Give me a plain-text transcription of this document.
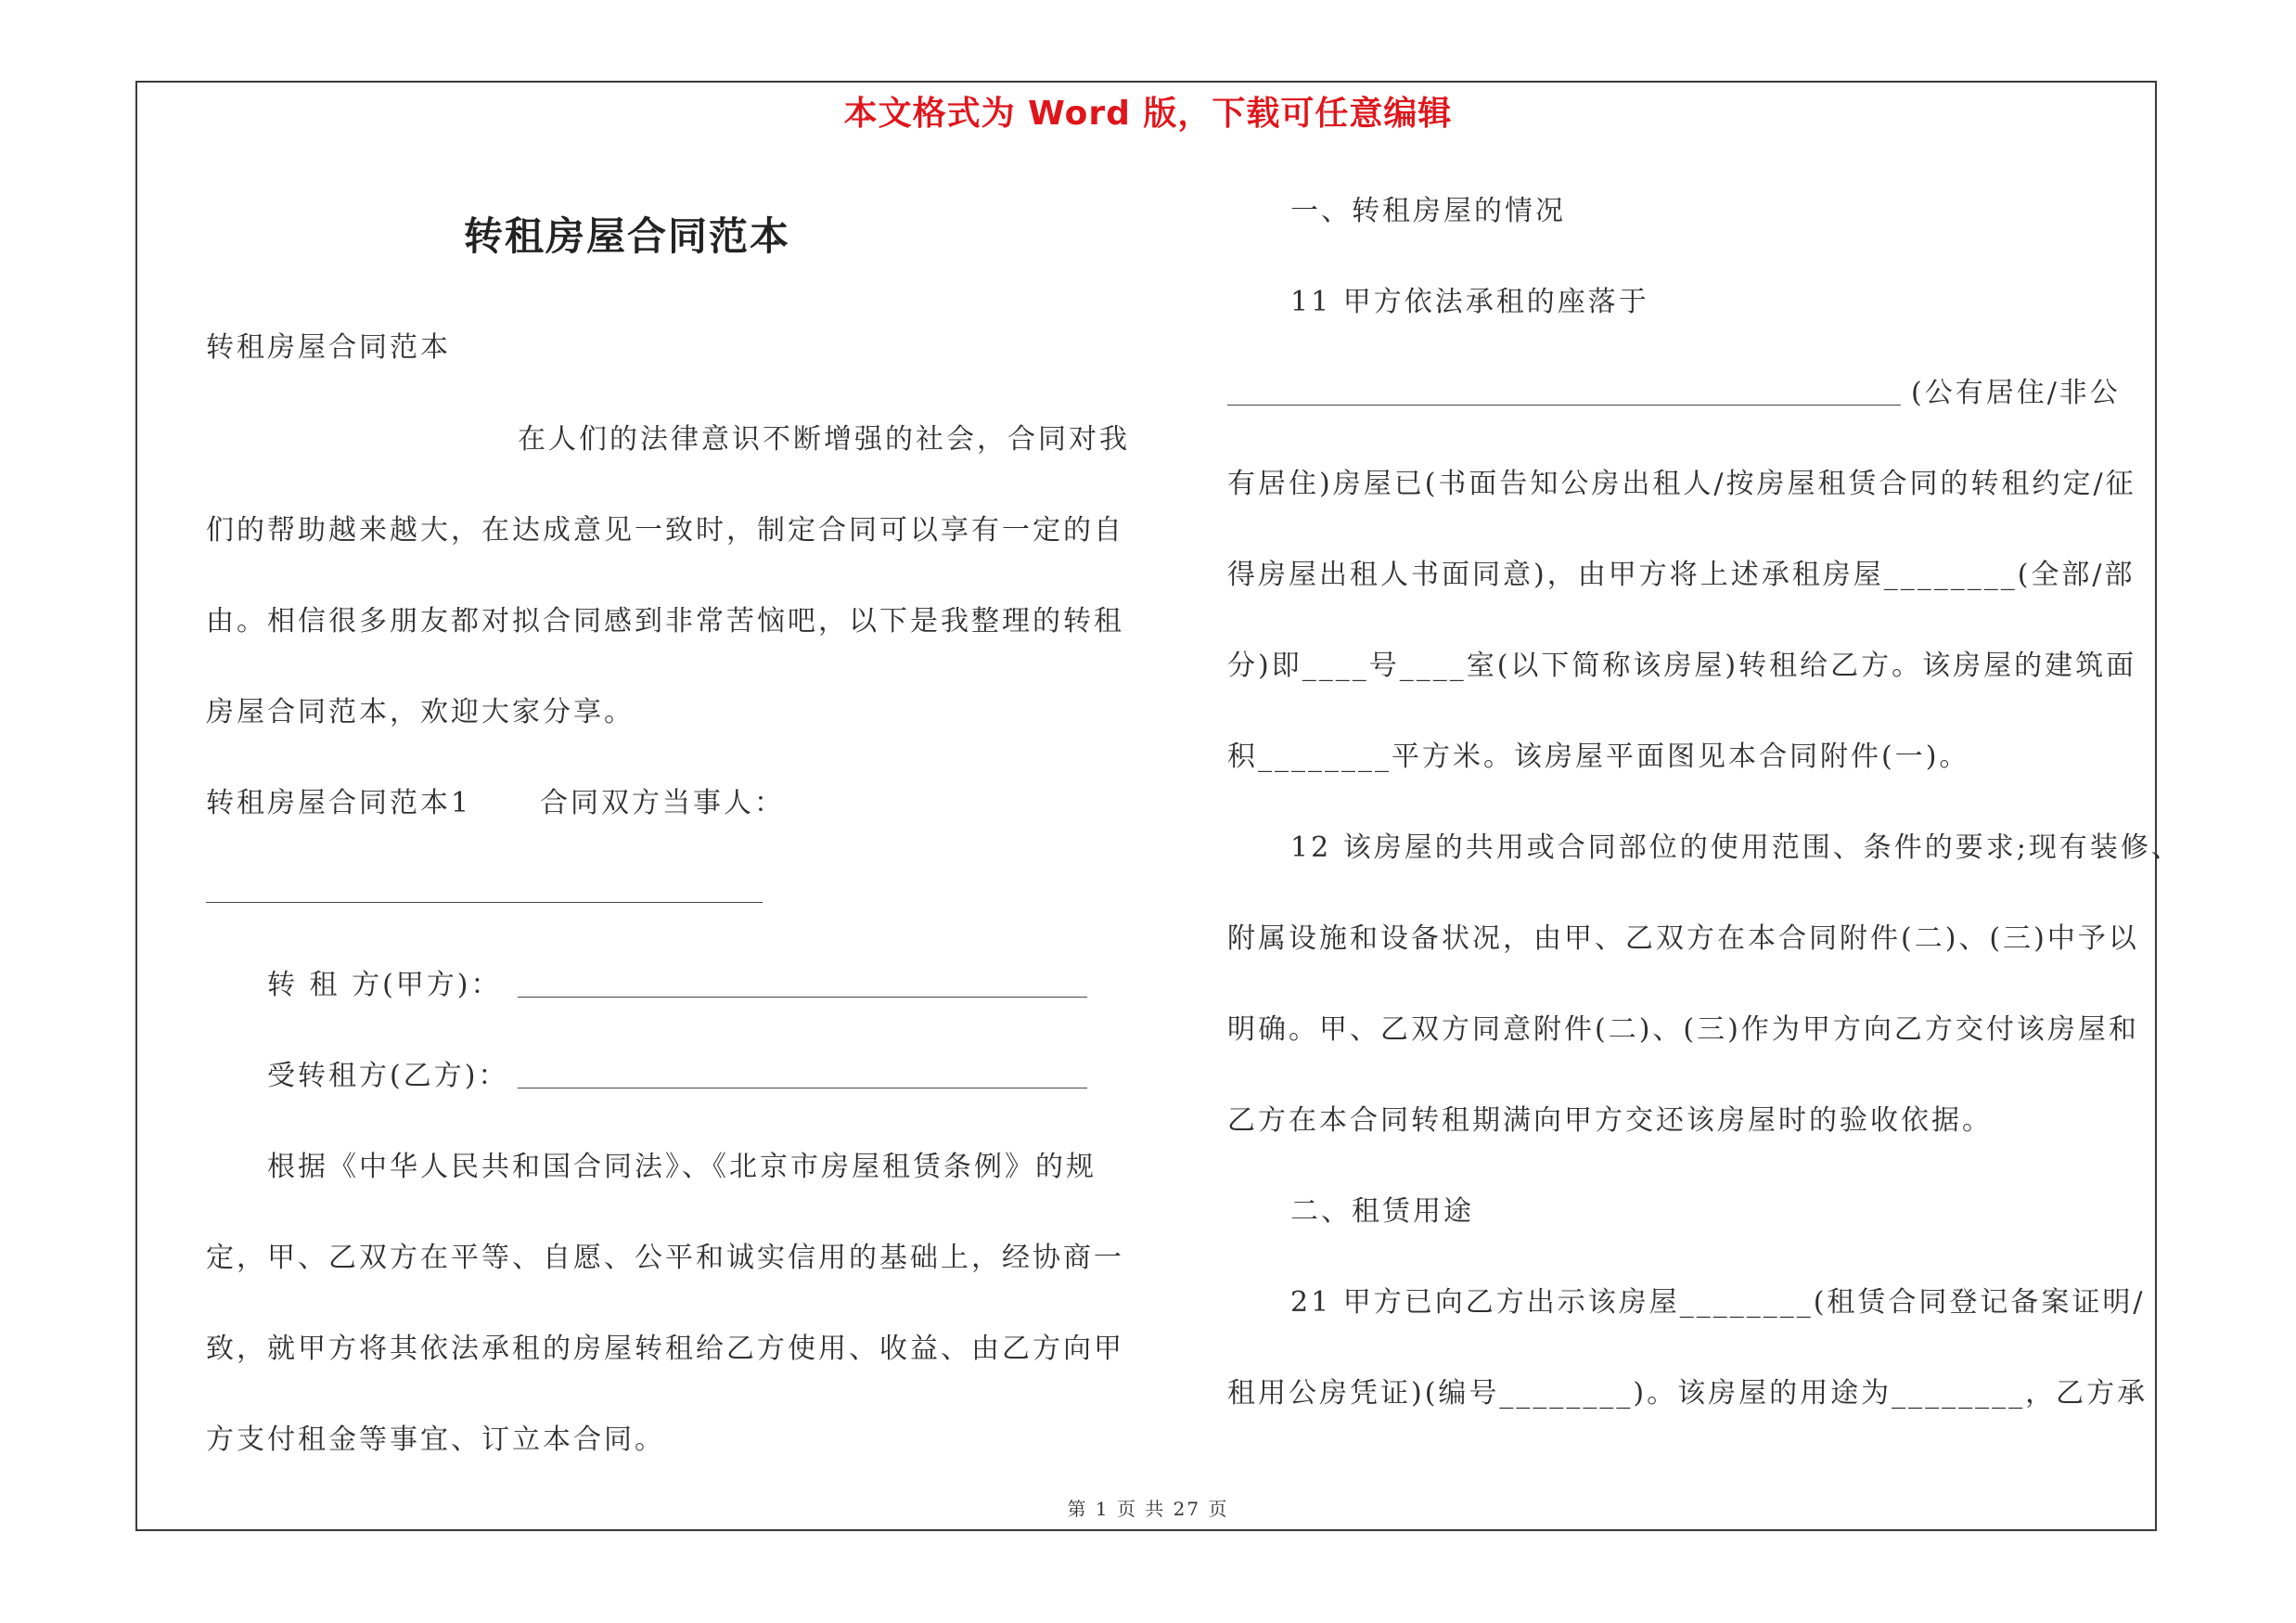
本文格式为 Word 版，下载可任意编辑
转租房屋合同范本
转租房屋合同范本
在人们的法律意识不断增强的社会，合同对我
们的帮助越来越大，在达成意见一致时，制定合同可以享有一定的自
由。相信很多朋友都对拟合同感到非常苦恼吧，以下是我整理的转租
房屋合同范本，欢迎大家分享。
转租房屋合同范本1 合同双方当事人：
转 租 方(甲方)：
受转租方(乙方)：
根据《中华人民共和国合同法》、《北京市房屋租赁条例》的规
定，甲、乙双方在平等、自愿、公平和诚实信用的基础上，经协商一
致，就甲方将其依法承租的房屋转租给乙方使用、收益、由乙方向甲
方支付租金等事宜、订立本合同。
一、转租房屋的情况
11 甲方依法承租的座落于
(公有居住/非公
有居住)房屋已(书面告知公房出租人/按房屋租赁合同的转租约定/征
得房屋出租人书面同意)，由甲方将上述承租房屋________(全部/部
分)即____号____室(以下简称该房屋)转租给乙方。该房屋的建筑面
积________平方米。该房屋平面图见本合同附件(一)。
12 该房屋的共用或合同部位的使用范围、条件的要求;现有装修、
附属设施和设备状况，由甲、乙双方在本合同附件(二)、(三)中予以
明确。甲、乙双方同意附件(二)、(三)作为甲方向乙方交付该房屋和
乙方在本合同转租期满向甲方交还该房屋时的验收依据。
二、租赁用途
21 甲方已向乙方出示该房屋________(租赁合同登记备案证明/
租用公房凭证)(编号________)。该房屋的用途为________，乙方承
第 1 页 共 27 页
